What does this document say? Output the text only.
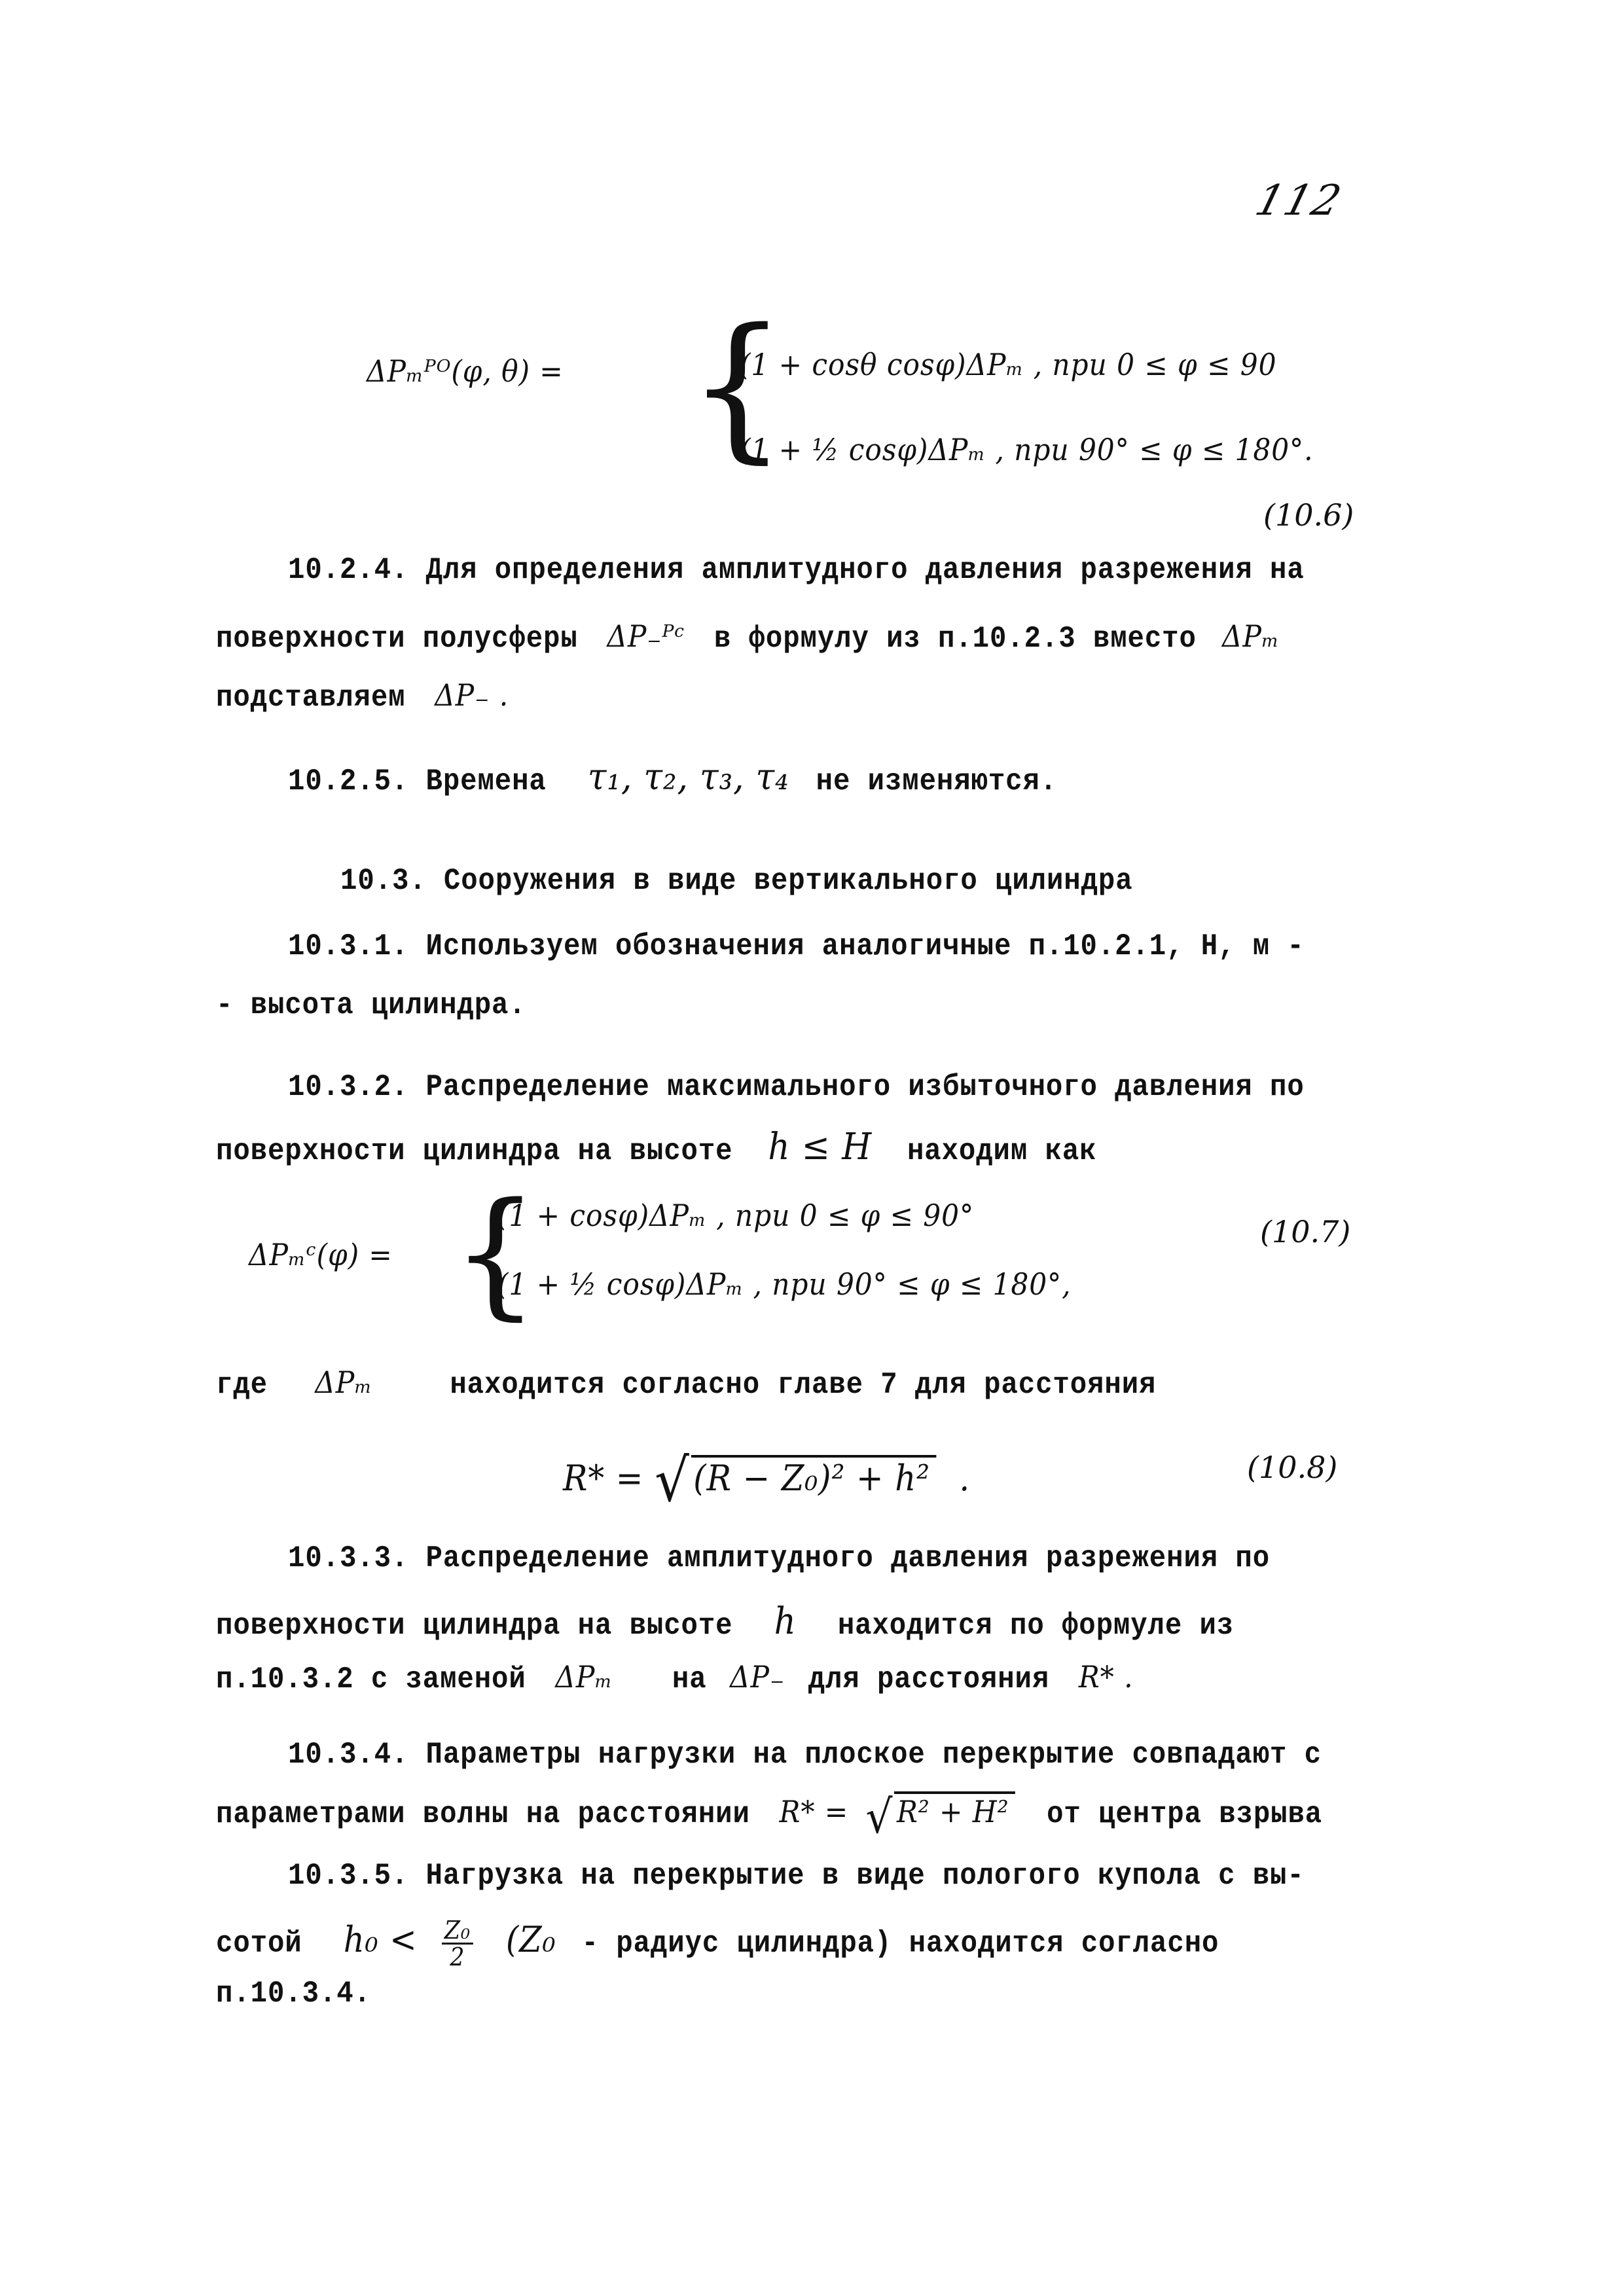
112
ΔPₘᴾᴼ(φ, θ) = {
(1 + cosθ cosφ)ΔPₘ , при 0 ≤ φ ≤ 90
(1 + ½ cosφ)ΔPₘ , при 90° ≤ φ ≤ 180°.
(10.6)
10.2.4. Для определения амплитудного давления разрежения на
поверхности полусферы ΔP₋ᴾᶜ в формулу из п.10.2.3 вместо ΔPₘ
подставляем ΔP₋ .
10.2.5. Времена τ₁, τ₂, τ₃, τ₄ не изменяются.
10.3. Сооружения в виде вертикального цилиндра
10.3.1. Используем обозначения аналогичные п.10.2.1, H, м -
- высота цилиндра.
10.3.2. Распределение максимального избыточного давления по
поверхности цилиндра на высоте h ≤ H находим как
ΔPₘᶜ(φ) = {
(1 + cosφ)ΔPₘ , при 0 ≤ φ ≤ 90°
(1 + ½ cosφ)ΔPₘ , при 90° ≤ φ ≤ 180°,
(10.7)
где ΔPₘ	находится согласно главе 7 для расстояния
R* = √ (R − Z₀)² + h² .	(10.8)
10.3.3. Распределение амплитудного давления разрежения по
поверхности цилиндра на высоте h находится по формуле из
п.10.3.2 с заменой ΔPₘ на ΔP₋ для расстояния R* .
10.3.4. Параметры нагрузки на плоское перекрытие совпадают с
параметрами волны на расстоянии R* = √ R² + H² от центра взрыва
10.3.5. Нагрузка на перекрытие в виде пологого купола с вы-
сотой $h_0 < \frac{\text{Z₀}}{2} (Z_0$ - радиус цилиндра) находится согласно
п.10.3.4.
